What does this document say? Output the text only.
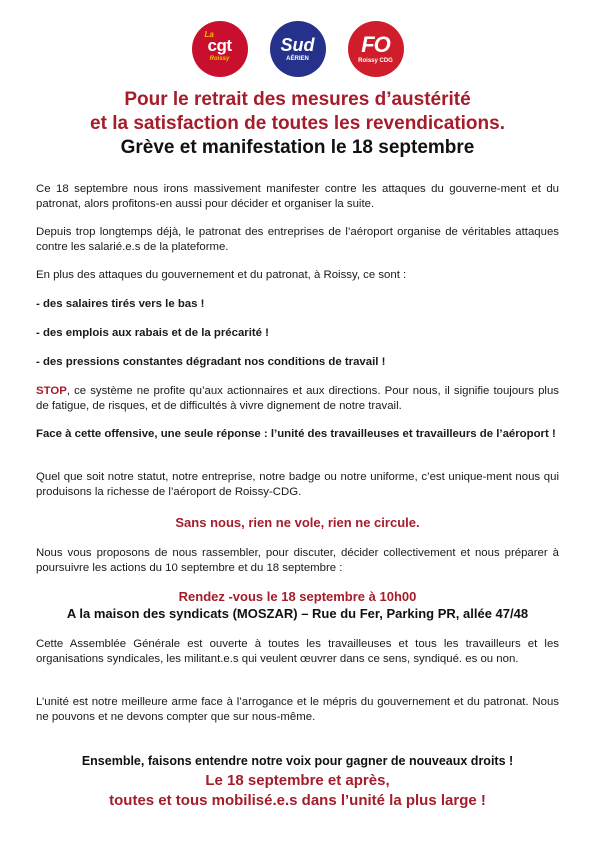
La
cgt
Roissy
Sud
AÉRIEN
FO
Roissy CDG
Pour le retrait des mesures d’austérité
et la satisfaction de toutes les revendications.
Grève et manifestation le 18 septembre
Ce 18 septembre nous irons massivement manifester contre les attaques du gouverne-ment et du patronat, alors profitons-en aussi pour décider et organiser la suite.
Depuis trop longtemps déjà, le patronat des entreprises de l’aéroport organise de véritables attaques contre les salarié.e.s de la plateforme.
En plus des attaques du gouvernement et du patronat, à Roissy, ce sont :
- des salaires tirés vers le bas !
- des emplois aux rabais et de la précarité !
- des pressions constantes dégradant nos conditions de travail !
STOP, ce système ne profite qu’aux actionnaires et aux directions. Pour nous, il signifie toujours plus de fatigue, de risques, et de difficultés à vivre dignement de notre travail.
Face à cette offensive, une seule réponse : l’unité des travailleuses et travailleurs de l’aéroport !
Quel que soit notre statut, notre entreprise, notre badge ou notre uniforme, c’est unique-ment nous qui produisons la richesse de l’aéroport de Roissy-CDG.
Sans nous, rien ne vole, rien ne circule.
Nous vous proposons de nous rassembler, pour discuter, décider collectivement et nous préparer à poursuivre les actions du 10 septembre et du 18 septembre :
Rendez -vous le 18 septembre à 10h00
A la maison des syndicats (MOSZAR) – Rue du Fer, Parking PR, allée 47/48
Cette Assemblée Générale est ouverte à toutes les travailleuses et tous les travailleurs et les organisations syndicales, les militant.e.s qui veulent œuvrer dans ce sens, syndiqué. es ou non.
L’unité est notre meilleure arme face à l’arrogance et le mépris du gouvernement et du patronat. Nous ne pouvons et ne devons compter que sur nous-même.
Ensemble, faisons entendre notre voix pour gagner de nouveaux droits !
Le 18 septembre et après,
toutes et tous mobilisé.e.s dans l’unité la plus large !
